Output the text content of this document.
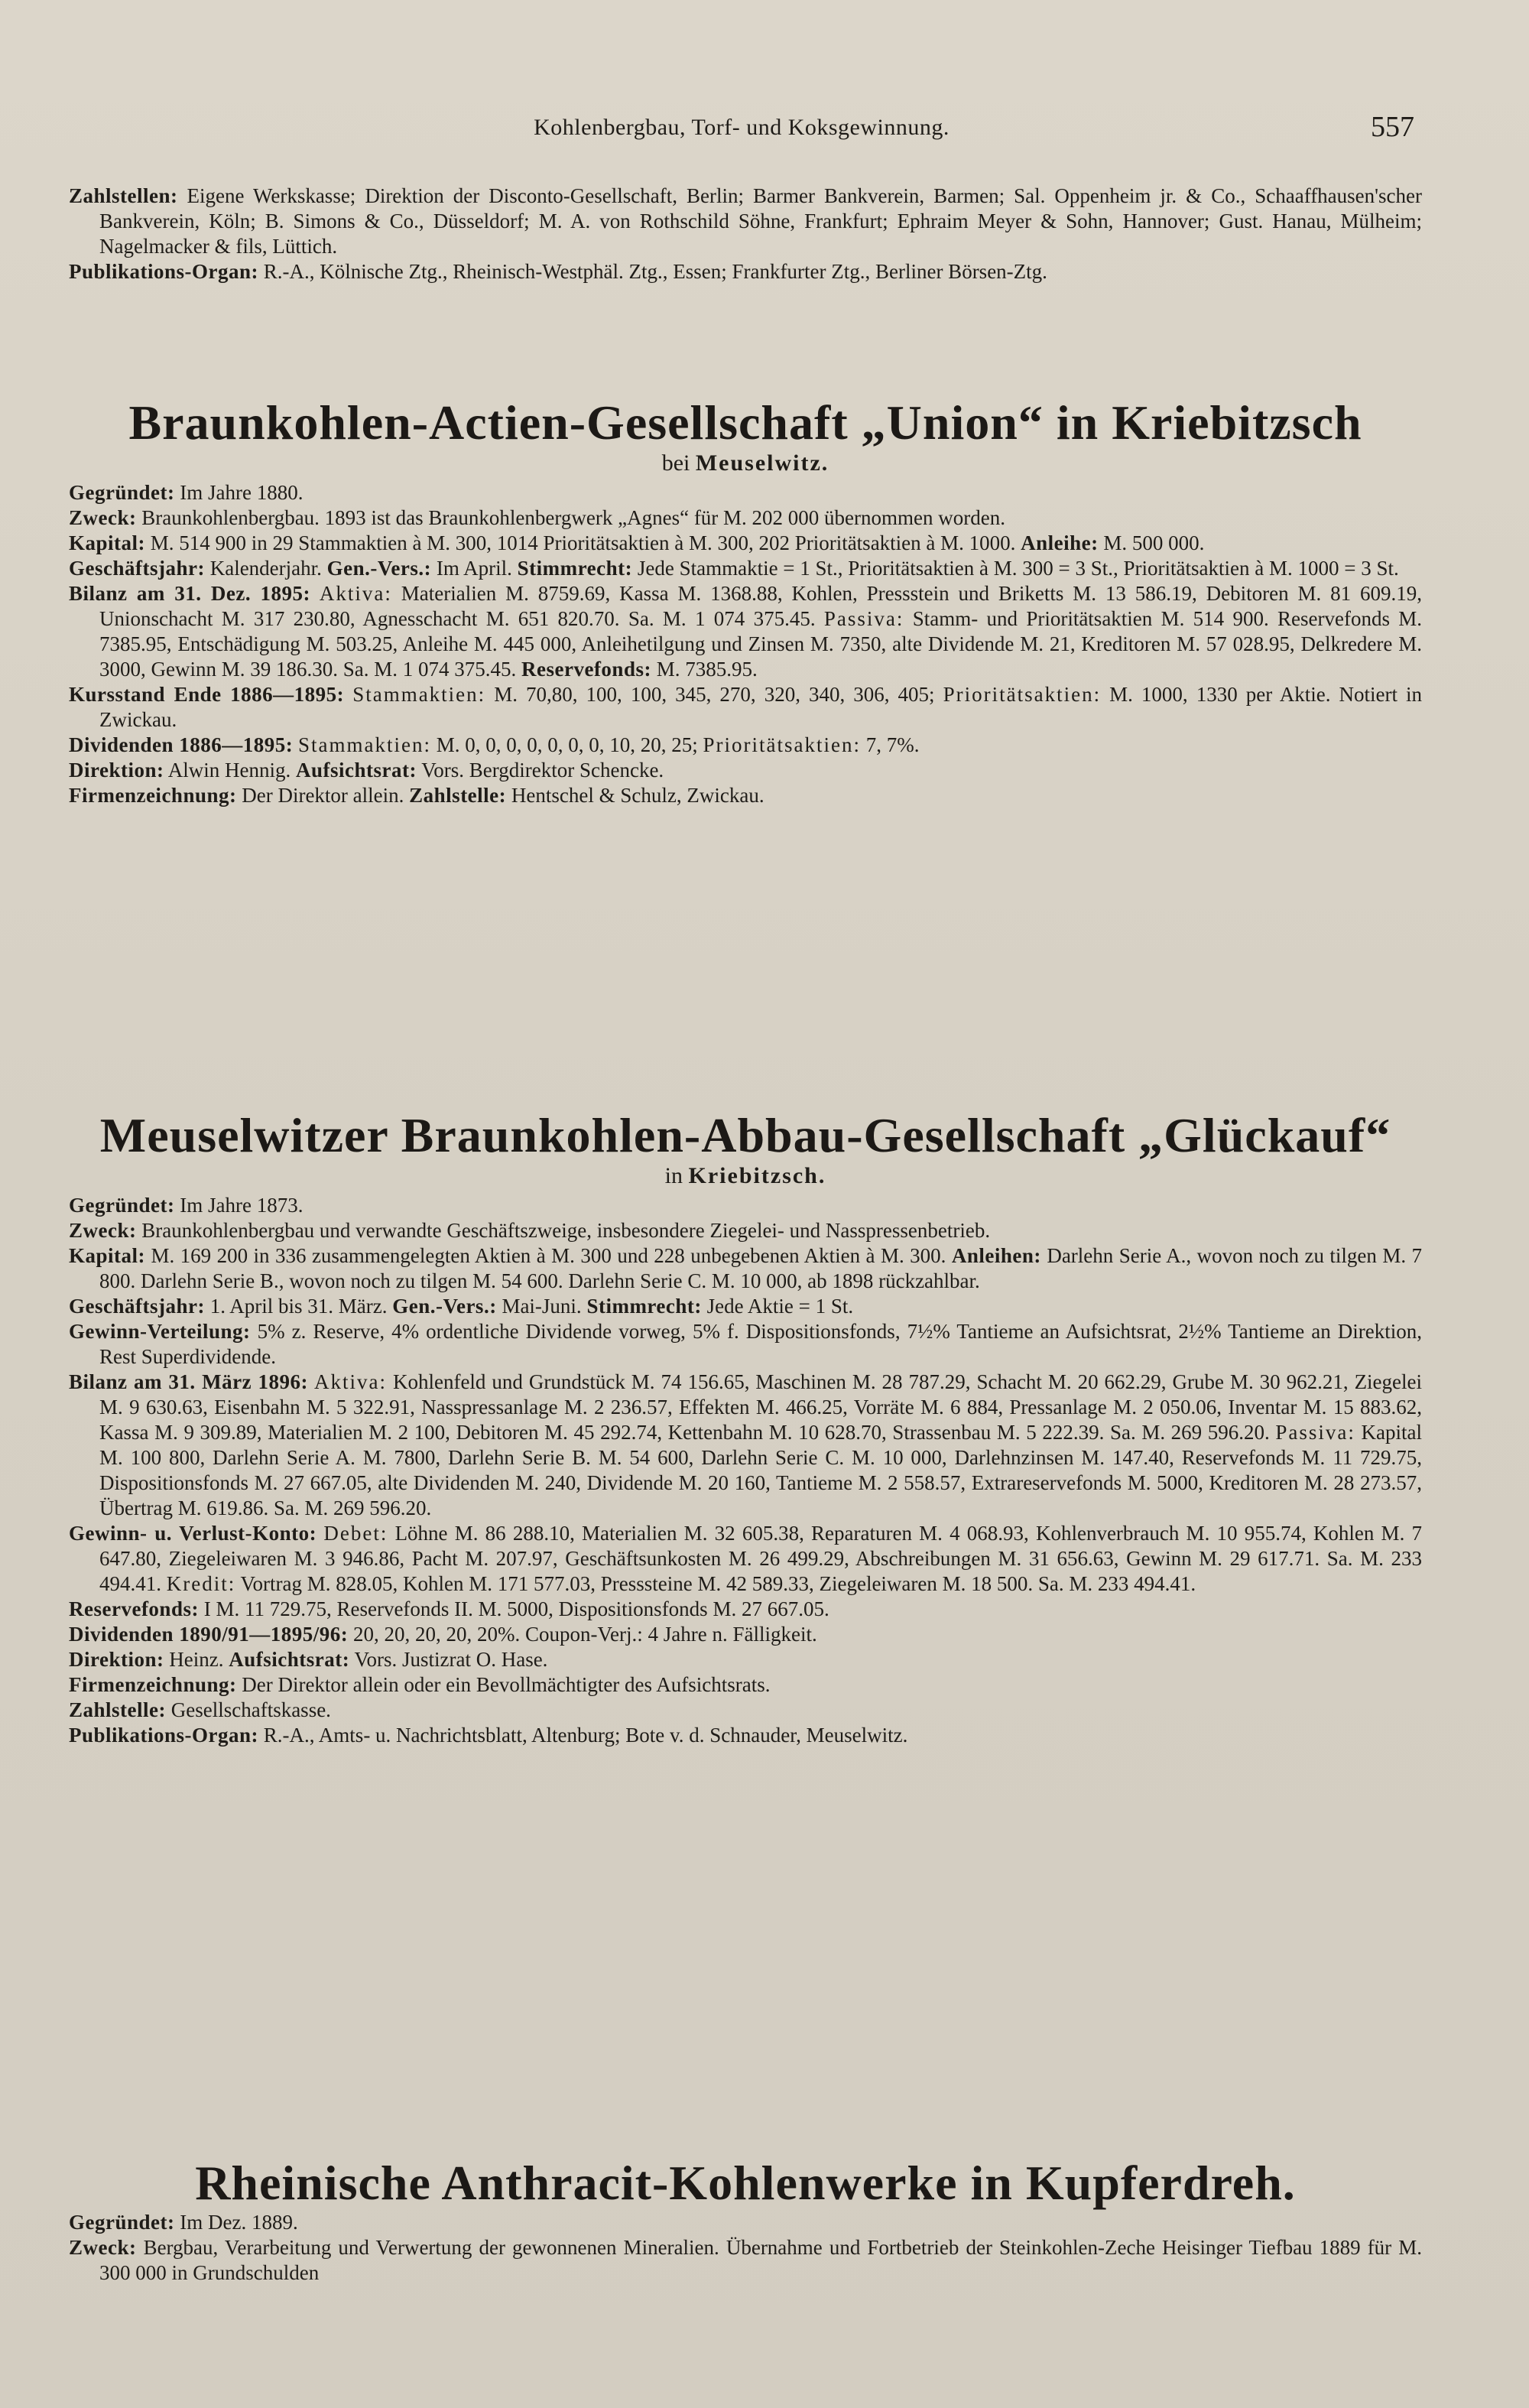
Kohlenbergbau, Torf- und Koksgewinnung.	557

Zahlstellen: Eigene Werkskasse; Direktion der Disconto-Gesellschaft, Berlin; Barmer Bankverein, Barmen; Sal. Oppenheim jr. & Co., Schaaffhausen'scher Bankverein, Köln; B. Simons & Co., Düsseldorf; M. A. von Rothschild Söhne, Frankfurt; Ephraim Meyer & Sohn, Hannover; Gust. Hanau, Mülheim; Nagelmacker & fils, Lüttich.

Publikations-Organ: R.-A., Kölnische Ztg., Rheinisch-Westphäl. Ztg., Essen; Frankfurter Ztg., Berliner Börsen-Ztg.

Braunkohlen-Actien-Gesellschaft „Union“ in Kriebitzsch

bei Meuselwitz.

Gegründet: Im Jahre 1880.

Zweck: Braunkohlenbergbau. 1893 ist das Braunkohlenbergwerk „Agnes“ für M. 202 000 übernommen worden.

Kapital: M. 514 900 in 29 Stammaktien à M. 300, 1014 Prioritätsaktien à M. 300, 202 Prioritätsaktien à M. 1000. Anleihe: M. 500 000.

Geschäftsjahr: Kalenderjahr. Gen.-Vers.: Im April. Stimmrecht: Jede Stammaktie = 1 St., Prioritätsaktien à M. 300 = 3 St., Prioritätsaktien à M. 1000 = 3 St.

Bilanz am 31. Dez. 1895: Aktiva: Materialien M. 8759.69, Kassa M. 1368.88, Kohlen, Pressstein und Briketts M. 13 586.19, Debitoren M. 81 609.19, Unionschacht M. 317 230.80, Agnesschacht M. 651 820.70. Sa. M. 1 074 375.45. Passiva: Stamm- und Prioritätsaktien M. 514 900. Reservefonds M. 7385.95, Entschädigung M. 503.25, Anleihe M. 445 000, Anleihetilgung und Zinsen M. 7350, alte Dividende M. 21, Kreditoren M. 57 028.95, Delkredere M. 3000, Gewinn M. 39 186.30. Sa. M. 1 074 375.45. Reservefonds: M. 7385.95.

Kursstand Ende 1886—1895: Stammaktien: M. 70,80, 100, 100, 345, 270, 320, 340, 306, 405; Prioritätsaktien: M. 1000, 1330 per Aktie. Notiert in Zwickau.

Dividenden 1886—1895: Stammaktien: M. 0, 0, 0, 0, 0, 0, 0, 10, 20, 25; Prioritätsaktien: 7, 7%.

Direktion: Alwin Hennig. Aufsichtsrat: Vors. Bergdirektor Schencke.

Firmenzeichnung: Der Direktor allein. Zahlstelle: Hentschel & Schulz, Zwickau.

Meuselwitzer Braunkohlen-Abbau-Gesellschaft „Glückauf“

in Kriebitzsch.

Gegründet: Im Jahre 1873.

Zweck: Braunkohlenbergbau und verwandte Geschäftszweige, insbesondere Ziegelei- und Nasspressenbetrieb.

Kapital: M. 169 200 in 336 zusammengelegten Aktien à M. 300 und 228 unbegebenen Aktien à M. 300. Anleihen: Darlehn Serie A., wovon noch zu tilgen M. 7 800. Darlehn Serie B., wovon noch zu tilgen M. 54 600. Darlehn Serie C. M. 10 000, ab 1898 rückzahlbar.

Geschäftsjahr: 1. April bis 31. März. Gen.-Vers.: Mai-Juni. Stimmrecht: Jede Aktie = 1 St.

Gewinn-Verteilung: 5% z. Reserve, 4% ordentliche Dividende vorweg, 5% f. Dispositionsfonds, 7½% Tantieme an Aufsichtsrat, 2½% Tantieme an Direktion, Rest Superdividende.

Bilanz am 31. März 1896: Aktiva: Kohlenfeld und Grundstück M. 74 156.65, Maschinen M. 28 787.29, Schacht M. 20 662.29, Grube M. 30 962.21, Ziegelei M. 9 630.63, Eisenbahn M. 5 322.91, Nasspressanlage M. 2 236.57, Effekten M. 466.25, Vorräte M. 6 884, Pressanlage M. 2 050.06, Inventar M. 15 883.62, Kassa M. 9 309.89, Materialien M. 2 100, Debitoren M. 45 292.74, Kettenbahn M. 10 628.70, Strassenbau M. 5 222.39. Sa. M. 269 596.20. Passiva: Kapital M. 100 800, Darlehn Serie A. M. 7800, Darlehn Serie B. M. 54 600, Darlehn Serie C. M. 10 000, Darlehnzinsen M. 147.40, Reservefonds M. 11 729.75, Dispositionsfonds M. 27 667.05, alte Dividenden M. 240, Dividende M. 20 160, Tantieme M. 2 558.57, Extrareservefonds M. 5000, Kreditoren M. 28 273.57, Übertrag M. 619.86. Sa. M. 269 596.20.

Gewinn- u. Verlust-Konto: Debet: Löhne M. 86 288.10, Materialien M. 32 605.38, Reparaturen M. 4 068.93, Kohlenverbrauch M. 10 955.74, Kohlen M. 7 647.80, Ziegeleiwaren M. 3 946.86, Pacht M. 207.97, Geschäftsunkosten M. 26 499.29, Abschreibungen M. 31 656.63, Gewinn M. 29 617.71. Sa. M. 233 494.41. Kredit: Vortrag M. 828.05, Kohlen M. 171 577.03, Presssteine M. 42 589.33, Ziegeleiwaren M. 18 500. Sa. M. 233 494.41.

Reservefonds: I M. 11 729.75, Reservefonds II. M. 5000, Dispositionsfonds M. 27 667.05.

Dividenden 1890/91—1895/96: 20, 20, 20, 20, 20%. Coupon-Verj.: 4 Jahre n. Fälligkeit.

Direktion: Heinz. Aufsichtsrat: Vors. Justizrat O. Hase.

Firmenzeichnung: Der Direktor allein oder ein Bevollmächtigter des Aufsichtsrats.

Zahlstelle: Gesellschaftskasse.

Publikations-Organ: R.-A., Amts- u. Nachrichtsblatt, Altenburg; Bote v. d. Schnauder, Meuselwitz.

Rheinische Anthracit-Kohlenwerke in Kupferdreh.

Gegründet: Im Dez. 1889.

Zweck: Bergbau, Verarbeitung und Verwertung der gewonnenen Mineralien. Übernahme und Fortbetrieb der Steinkohlen-Zeche Heisinger Tiefbau 1889 für M. 300 000 in Grundschulden
